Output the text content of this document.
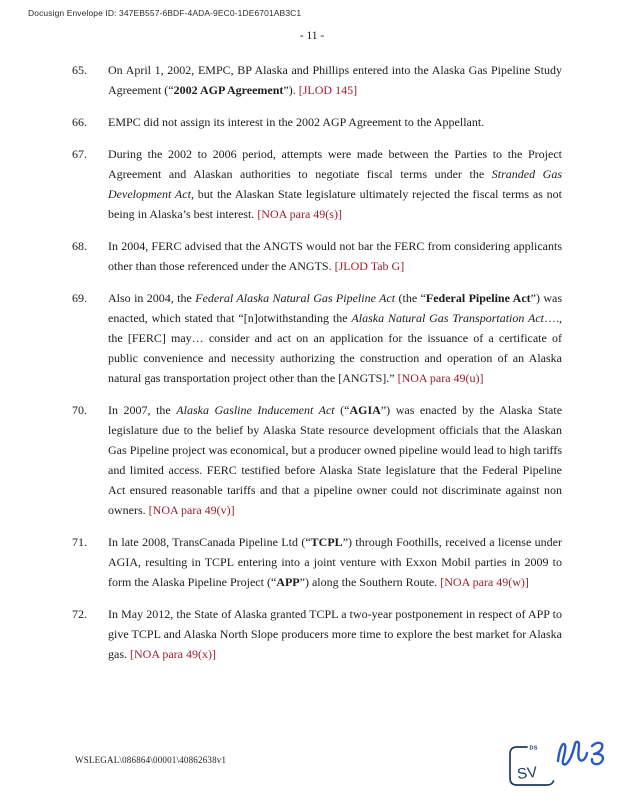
Docusign Envelope ID: 347EB557-6BDF-4ADA-9EC0-1DE6701AB3C1
- 11 -
65.	On April 1, 2002, EMPC, BP Alaska and Phillips entered into the Alaska Gas Pipeline Study Agreement (“2002 AGP Agreement”). [JLOD 145]
66.	EMPC did not assign its interest in the 2002 AGP Agreement to the Appellant.
67.	During the 2002 to 2006 period, attempts were made between the Parties to the Project Agreement and Alaskan authorities to negotiate fiscal terms under the Stranded Gas Development Act, but the Alaskan State legislature ultimately rejected the fiscal terms as not being in Alaska’s best interest. [NOA para 49(s)]
68.	In 2004, FERC advised that the ANGTS would not bar the FERC from considering applicants other than those referenced under the ANGTS. [JLOD Tab G]
69.	Also in 2004, the Federal Alaska Natural Gas Pipeline Act (the “Federal Pipeline Act”) was enacted, which stated that “[n]otwithstanding the Alaska Natural Gas Transportation Act…., the [FERC] may… consider and act on an application for the issuance of a certificate of public convenience and necessity authorizing the construction and operation of an Alaska natural gas transportation project other than the [ANGTS].” [NOA para 49(u)]
70.	In 2007, the Alaska Gasline Inducement Act (“AGIA”) was enacted by the Alaska State legislature due to the belief by Alaska State resource development officials that the Alaskan Gas Pipeline project was economical, but a producer owned pipeline would lead to high tariffs and limited access. FERC testified before Alaska State legislature that the Federal Pipeline Act ensured reasonable tariffs and that a pipeline owner could not discriminate against non owners. [NOA para 49(v)]
71.	In late 2008, TransCanada Pipeline Ltd (“TCPL”) through Foothills, received a license under AGIA, resulting in TCPL entering into a joint venture with Exxon Mobil parties in 2009 to form the Alaska Pipeline Project (“APP”) along the Southern Route. [NOA para 49(w)]
72.	In May 2012, the State of Alaska granted TCPL a two-year postponement in respect of APP to give TCPL and Alaska North Slope producers more time to explore the best market for Alaska gas. [NOA para 49(x)]
WSLEGAL\086864\00001\40862638v1
DS
SV
